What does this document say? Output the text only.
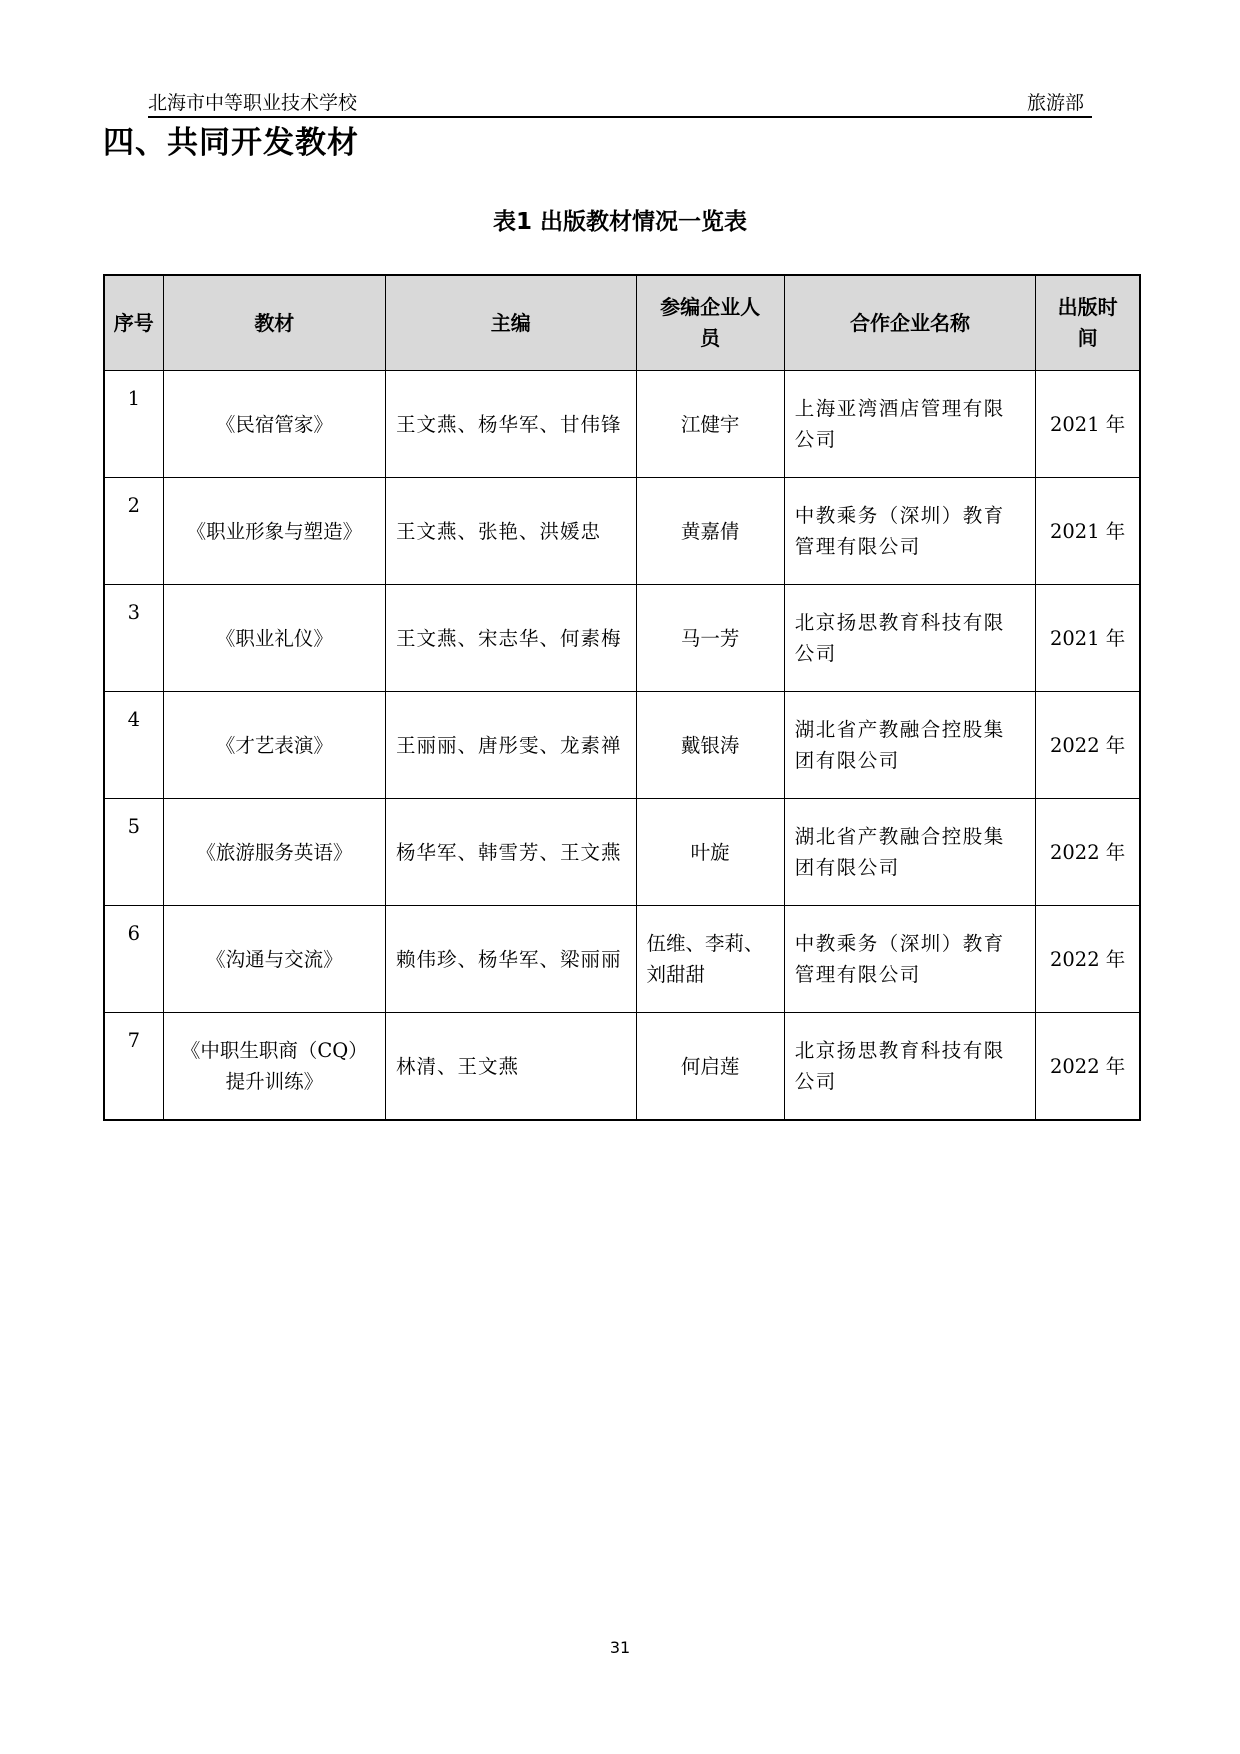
北海市中等职业技术学校	旅游部
四、共同开发教材
表1 出版教材情况一览表
序号	教材	主编	参编企业人员	合作企业名称	出版时间
1	《民宿管家》	王文燕、杨华军、甘伟锋	江健宇	上海亚湾酒店管理有限公司	2021 年
2	《职业形象与塑造》	王文燕、张艳、洪媛忠	黄嘉倩	中教乘务（深圳）教育管理有限公司	2021 年
3	《职业礼仪》	王文燕、宋志华、何素梅	马一芳	北京扬思教育科技有限公司	2021 年
4	《才艺表演》	王丽丽、唐彤雯、龙素禅	戴银涛	湖北省产教融合控股集团有限公司	2022 年
5	《旅游服务英语》	杨华军、韩雪芳、王文燕	叶旋	湖北省产教融合控股集团有限公司	2022 年
6	《沟通与交流》	赖伟珍、杨华军、梁丽丽	伍维、李莉、刘甜甜	中教乘务（深圳）教育管理有限公司	2022 年
7	《中职生职商（CQ）提升训练》	林清、王文燕	何启莲	北京扬思教育科技有限公司	2022 年
31
